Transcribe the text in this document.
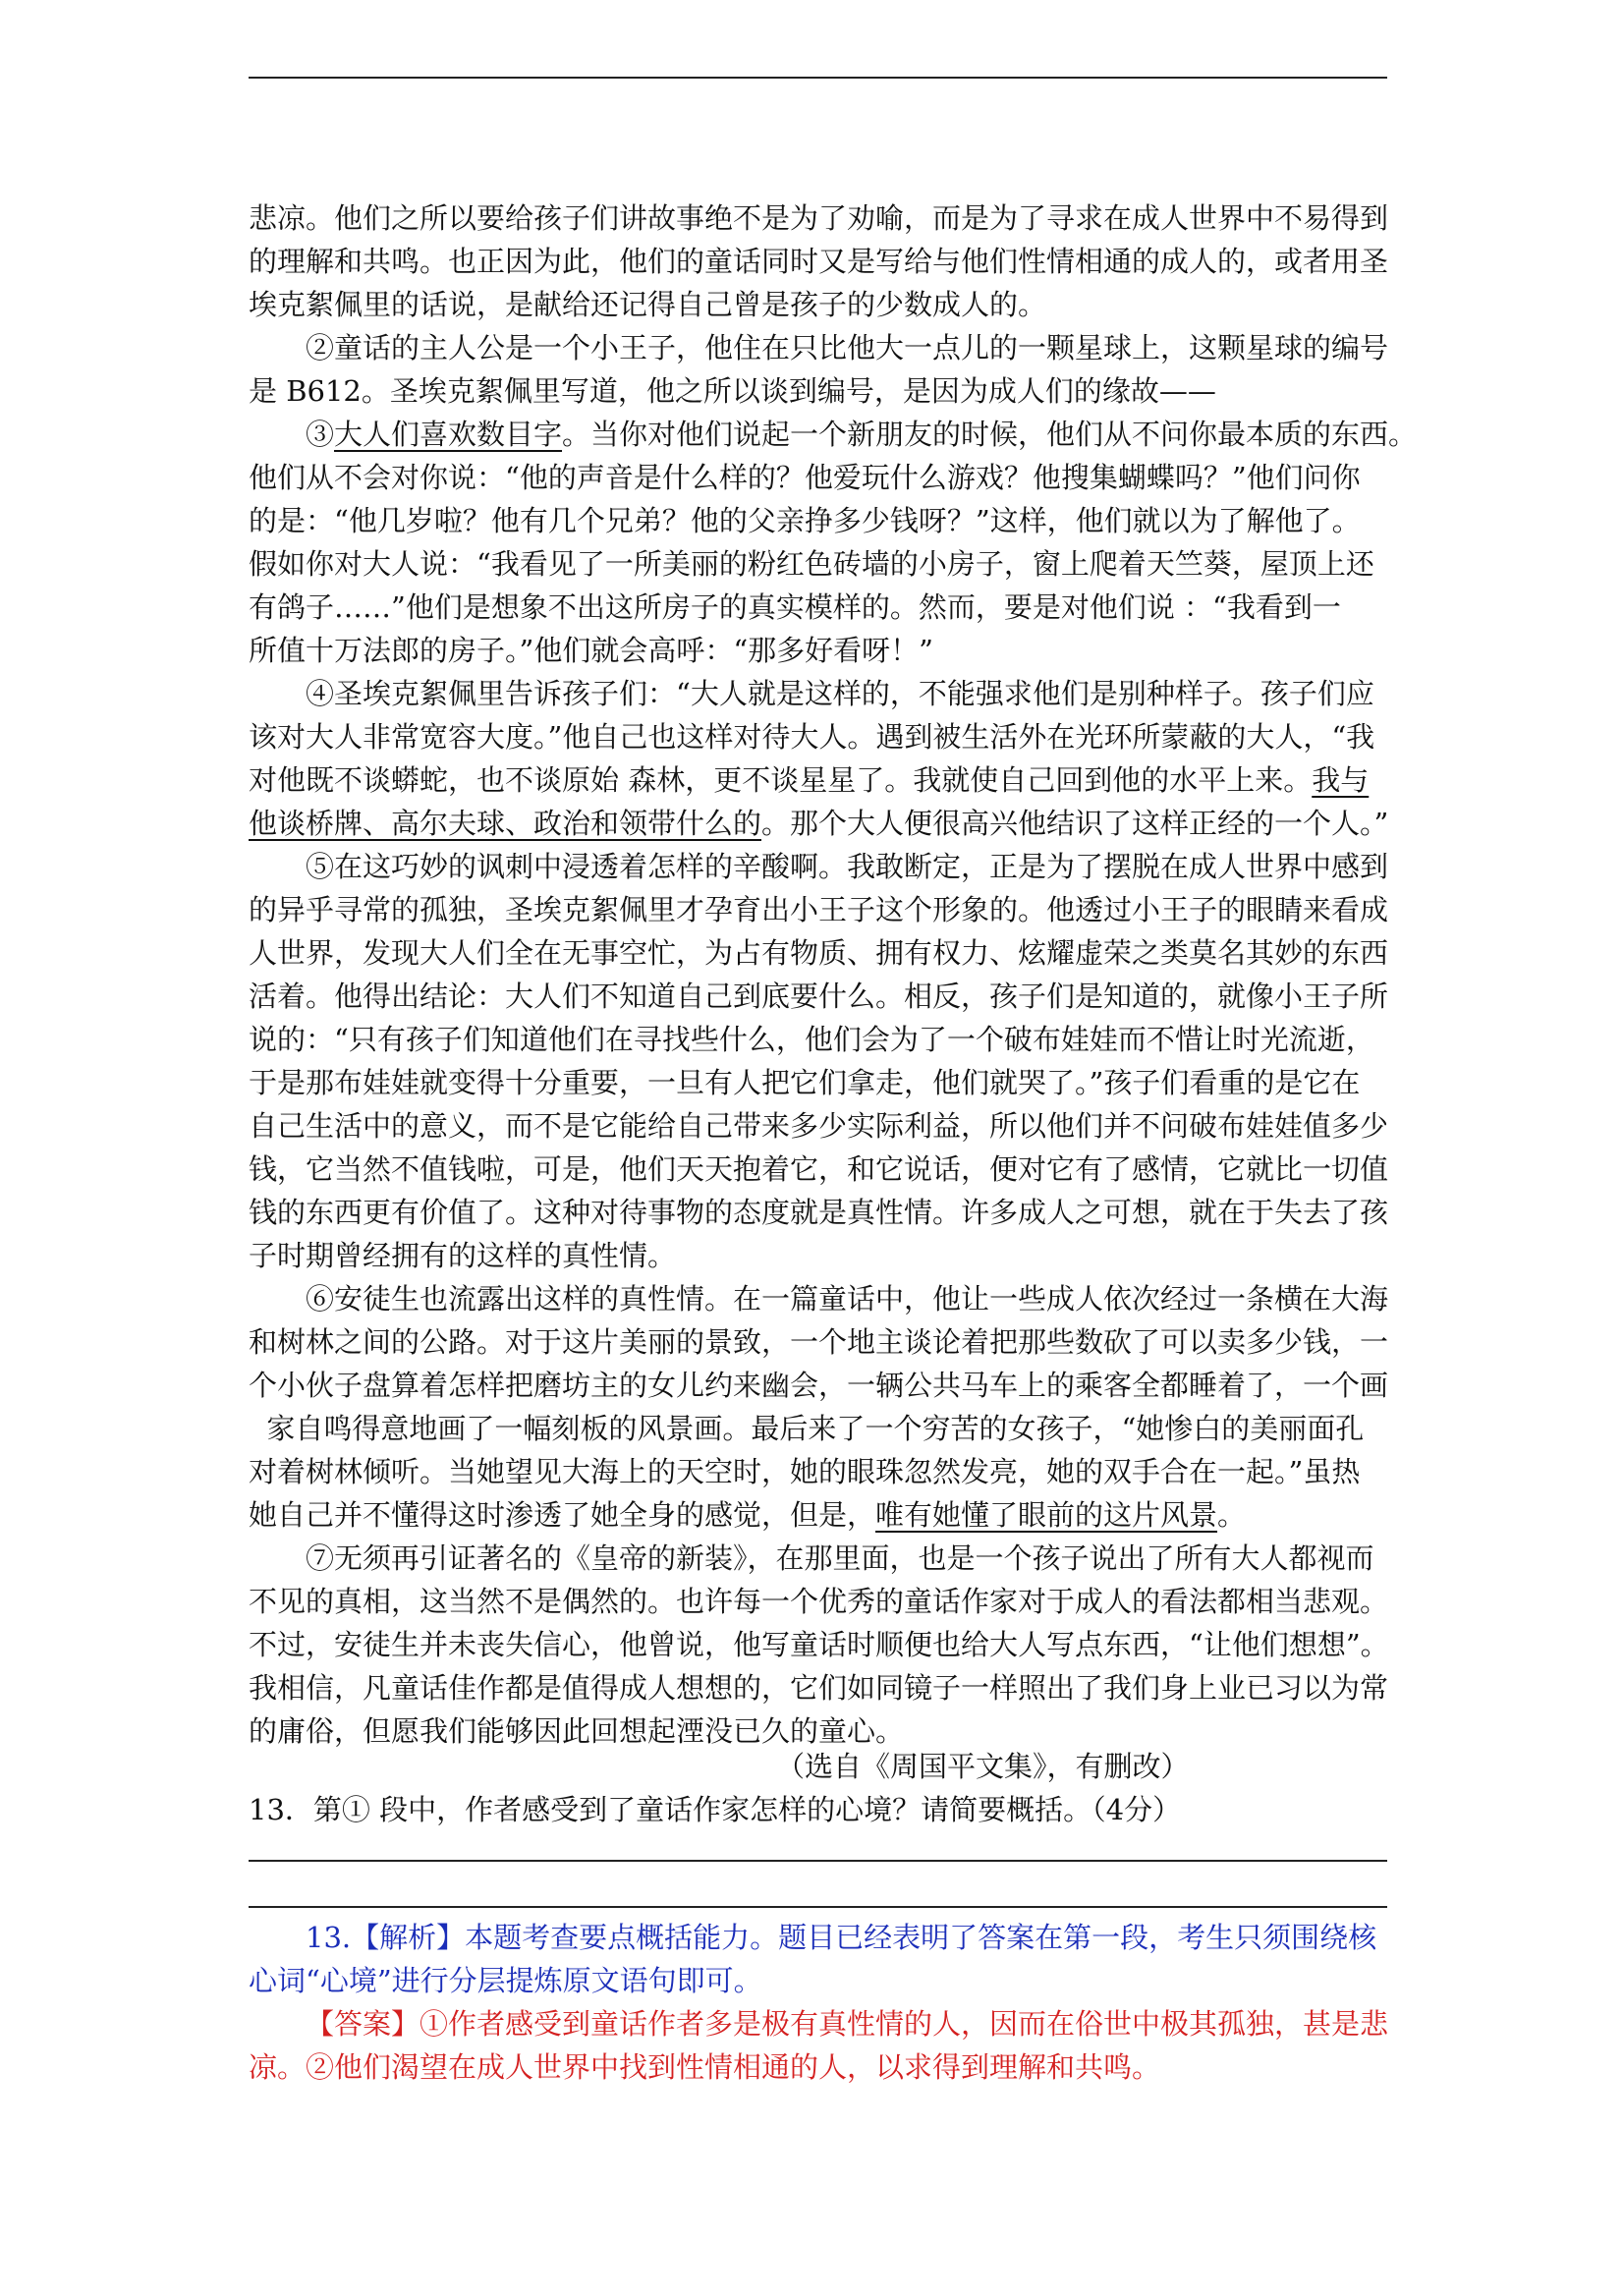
悲凉。他们之所以要给孩子们讲故事绝不是为了劝喻，而是为了寻求在成人世界中不易得到
的理解和共鸣。也正因为此，他们的童话同时又是写给与他们性情相通的成人的，或者用圣
埃克絮佩里的话说，是献给还记得自己曾是孩子的少数成人的。
②童话的主人公是一个小王子，他住在只比他大一点儿的一颗星球上，这颗星球的编号
是 B612。圣埃克絮佩里写道，他之所以谈到编号，是因为成人们的缘故——
③大人们喜欢数目字。当你对他们说起一个新朋友的时候，他们从不问你最本质的东西。
他们从不会对你说：“他的声音是什么样的？他爱玩什么游戏？他搜集蝴蝶吗？”他们问你
的是：“他几岁啦？他有几个兄弟？他的父亲挣多少钱呀？”这样，他们就以为了解他了。
假如你对大人说：“我看见了一所美丽的粉红色砖墙的小房子，窗上爬着天竺葵，屋顶上还
有鸽子……”他们是想象不出这所房子的真实模样的。然而，要是对他们说 ：“我看到一
所值十万法郎的房子。”他们就会高呼：“那多好看呀！”
④圣埃克絮佩里告诉孩子们：“大人就是这样的，不能强求他们是别种样子。孩子们应
该对大人非常宽容大度。”他自己也这样对待大人。遇到被生活外在光环所蒙蔽的大人，“我
对他既不谈蟒蛇，也不谈原始 森林，更不谈星星了。我就使自己回到他的水平上来。我与
他谈桥牌、高尔夫球、政治和领带什么的。那个大人便很高兴他结识了这样正经的一个人。”
⑤在这巧妙的讽刺中浸透着怎样的辛酸啊。我敢断定，正是为了摆脱在成人世界中感到
的异乎寻常的孤独，圣埃克絮佩里才孕育出小王子这个形象的。他透过小王子的眼睛来看成
人世界，发现大人们全在无事空忙，为占有物质、拥有权力、炫耀虚荣之类莫名其妙的东西
活着。他得出结论：大人们不知道自己到底要什么。相反，孩子们是知道的，就像小王子所
说的：“只有孩子们知道他们在寻找些什么，他们会为了一个破布娃娃而不惜让时光流逝，
于是那布娃娃就变得十分重要，一旦有人把它们拿走，他们就哭了。”孩子们看重的是它在
自己生活中的意义，而不是它能给自己带来多少实际利益，所以他们并不问破布娃娃值多少
钱，它当然不值钱啦，可是，他们天天抱着它，和它说话，便对它有了感情，它就比一切值
钱的东西更有价值了。这种对待事物的态度就是真性情。许多成人之可想，就在于失去了孩
子时期曾经拥有的这样的真性情。
⑥安徒生也流露出这样的真性情。在一篇童话中，他让一些成人依次经过一条横在大海
和树林之间的公路。对于这片美丽的景致，一个地主谈论着把那些数砍了可以卖多少钱，一
个小伙子盘算着怎样把磨坊主的女儿约来幽会，一辆公共马车上的乘客全都睡着了，一个画
家自鸣得意地画了一幅刻板的风景画。最后来了一个穷苦的女孩子，“她惨白的美丽面孔
对着树林倾听。当她望见大海上的天空时，她的眼珠忽然发亮，她的双手合在一起。”虽热
她自己并不懂得这时渗透了她全身的感觉，但是，唯有她懂了眼前的这片风景。
⑦无须再引证著名的《皇帝的新装》，在那里面，也是一个孩子说出了所有大人都视而
不见的真相，这当然不是偶然的。也许每一个优秀的童话作家对于成人的看法都相当悲观。
不过，安徒生并未丧失信心，他曾说，他写童话时顺便也给大人写点东西，“让他们想想”。
我相信，凡童话佳作都是值得成人想想的，它们如同镜子一样照出了我们身上业已习以为常
的庸俗，但愿我们能够因此回想起湮没已久的童心。
（选自《周国平文集》，有删改）
13．第① 段中，作者感受到了童话作家怎样的心境？请简要概括。（4分）
13.【解析】本题考查要点概括能力。题目已经表明了答案在第一段，考生只须围绕核
心词“心境”进行分层提炼原文语句即可。
【答案】①作者感受到童话作者多是极有真性情的人，因而在俗世中极其孤独，甚是悲
凉。②他们渴望在成人世界中找到性情相通的人，以求得到理解和共鸣。
